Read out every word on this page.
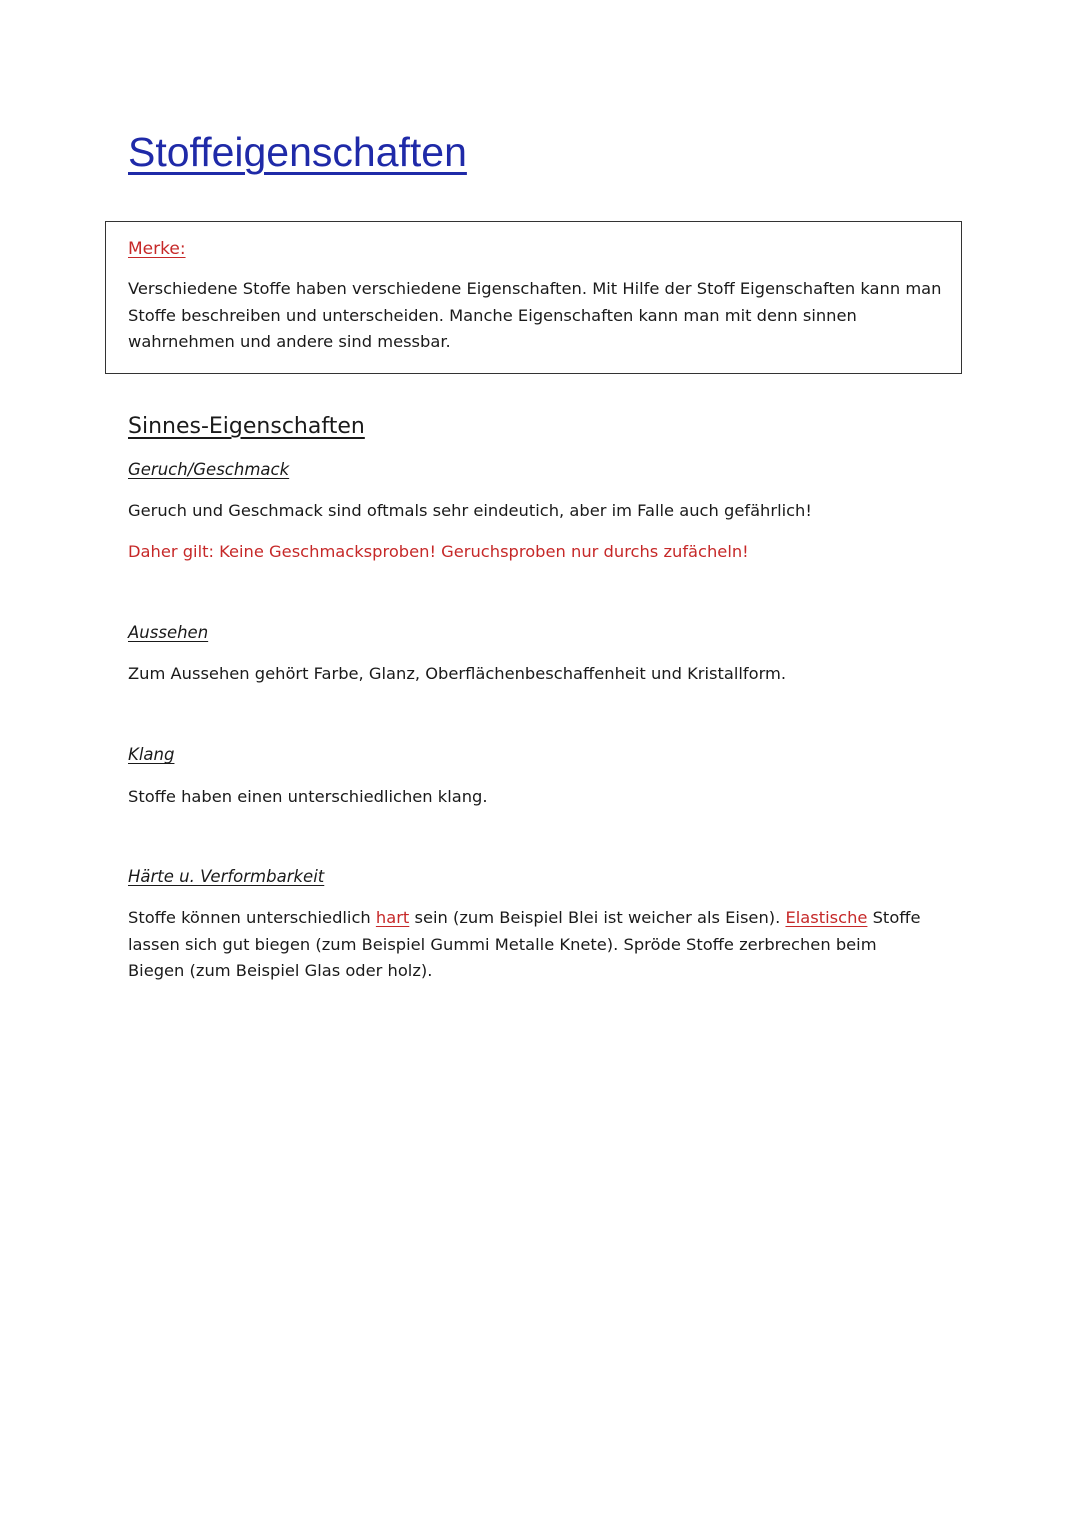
Stoffeigenschaften
Merke:
Verschiedene Stoffe haben verschiedene Eigenschaften. Mit Hilfe der Stoff Eigenschaften kann man Stoffe beschreiben und unterscheiden. Manche Eigenschaften kann man mit denn sinnen wahrnehmen und andere sind messbar.
Sinnes-Eigenschaften
Geruch/Geschmack
Geruch und Geschmack sind oftmals sehr eindeutich, aber im Falle auch gefährlich!
Daher gilt: Keine Geschmacksproben! Geruchsproben nur durchs zufächeln!
Aussehen
Zum Aussehen gehört Farbe, Glanz, Oberflächenbeschaffenheit und Kristallform.
Klang
Stoffe haben einen unterschiedlichen klang.
Härte u. Verformbarkeit
Stoffe können unterschiedlich hart sein (zum Beispiel Blei ist weicher als Eisen). Elastische Stoffe lassen sich gut biegen (zum Beispiel Gummi Metalle Knete). Spröde Stoffe zerbrechen beim Biegen (zum Beispiel Glas oder holz).
